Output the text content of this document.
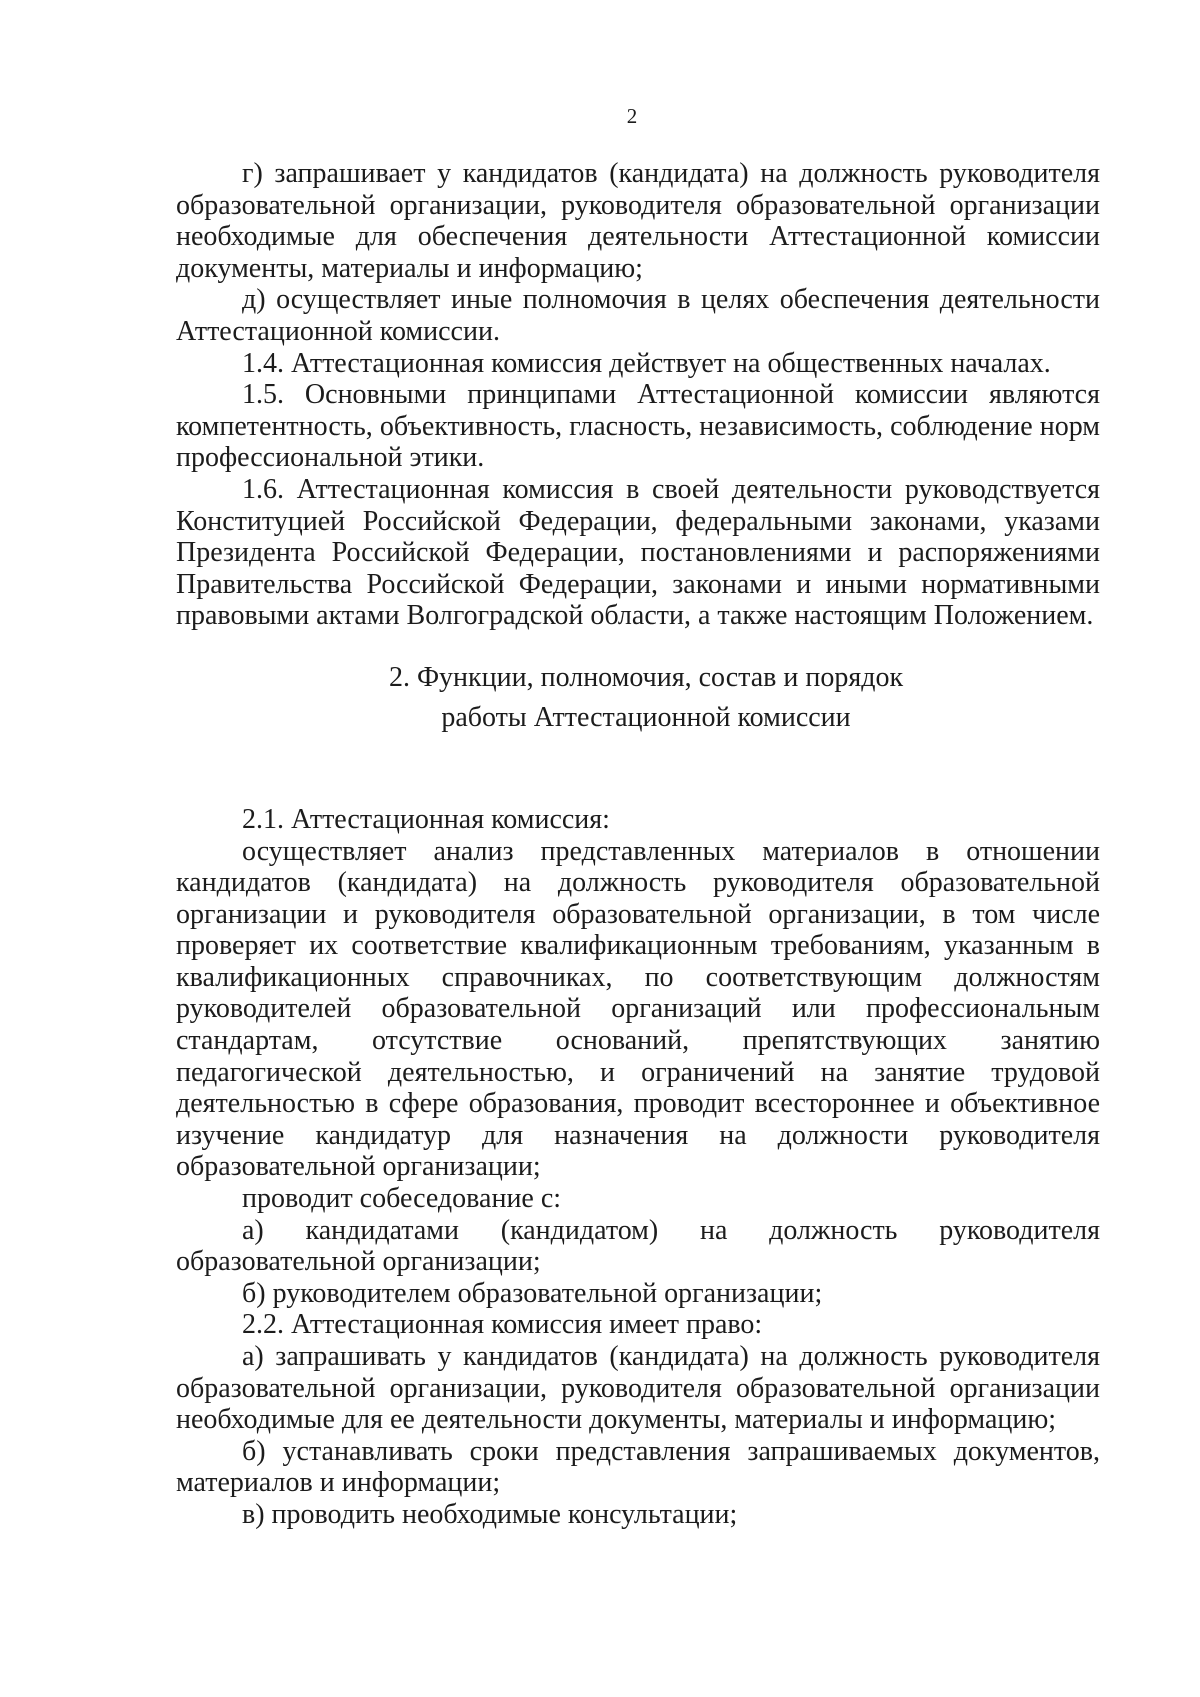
2

г) запрашивает у кандидатов (кандидата) на должность руководителя образовательной организации, руководителя образовательной организации необходимые для обеспечения деятельности Аттестационной комиссии документы, материалы и информацию;

д) осуществляет иные полномочия в целях обеспечения деятельности Аттестационной комиссии.

1.4. Аттестационная комиссия действует на общественных началах.

1.5. Основными принципами Аттестационной комиссии являются компетентность, объективность, гласность, независимость, соблюдение норм профессиональной этики.

1.6. Аттестационная комиссия в своей деятельности руководствуется Конституцией Российской Федерации, федеральными законами, указами Президента Российской Федерации, постановлениями и распоряжениями Правительства Российской Федерации, законами и иными нормативными правовыми актами Волгоградской области, а также настоящим Положением.

2. Функции, полномочия, состав и порядок
работы Аттестационной комиссии

2.1. Аттестационная комиссия:

осуществляет анализ представленных материалов в отношении кандидатов (кандидата) на должность руководителя образовательной организации и руководителя образовательной организации, в том числе проверяет их соответствие квалификационным требованиям, указанным в квалификационных справочниках, по соответствующим должностям руководителей образовательной организаций или профессиональным стандартам, отсутствие оснований, препятствующих занятию педагогической деятельностью, и ограничений на занятие трудовой деятельностью в сфере образования, проводит всестороннее и объективное изучение кандидатур для назначения на должности руководителя образовательной организации;

проводит собеседование с:

а) кандидатами (кандидатом) на должность руководителя образовательной организации;

б) руководителем образовательной организации;

2.2. Аттестационная комиссия имеет право:

а) запрашивать у кандидатов (кандидата) на должность руководителя образовательной организации, руководителя образовательной организации необходимые для ее деятельности документы, материалы и информацию;

б) устанавливать сроки представления запрашиваемых документов, материалов и информации;

в) проводить необходимые консультации;
